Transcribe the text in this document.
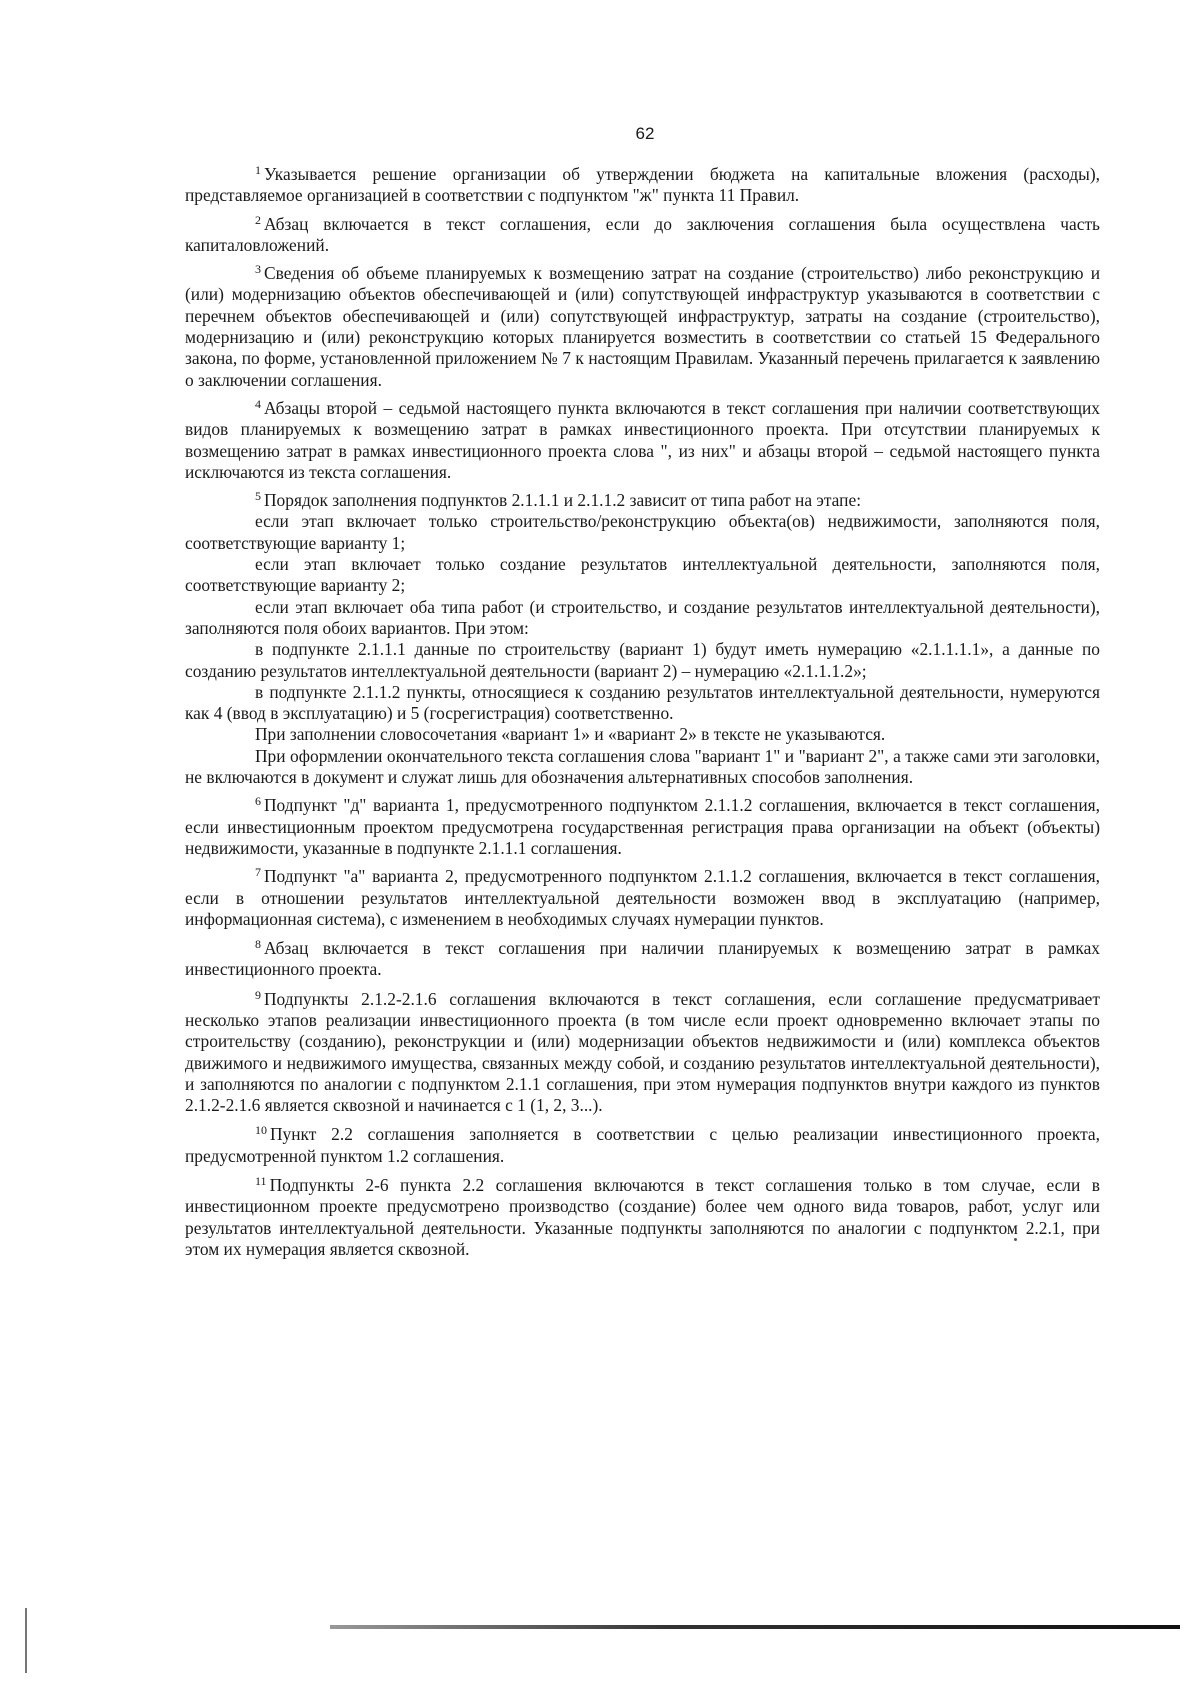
62

$^1$ Указывается решение организации об утверждении бюджета на капитальные вложения (расходы), представляемое организацией в соответствии с подпунктом "ж" пункта 11 Правил.

$^2$ Абзац включается в текст соглашения, если до заключения соглашения была осуществлена часть капиталовложений.

$^3$ Сведения об объеме планируемых к возмещению затрат на создание (строительство) либо реконструкцию и (или) модернизацию объектов обеспечивающей и (или) сопутствующей инфраструктур указываются в соответствии с перечнем объектов обеспечивающей и (или) сопутствующей инфраструктур, затраты на создание (строительство), модернизацию и (или) реконструкцию которых планируется возместить в соответствии со статьей 15 Федерального закона, по форме, установленной приложением № 7 к настоящим Правилам. Указанный перечень прилагается к заявлению о заключении соглашения.

$^4$ Абзацы второй – седьмой настоящего пункта включаются в текст соглашения при наличии соответствующих видов планируемых к возмещению затрат в рамках инвестиционного проекта. При отсутствии планируемых к возмещению затрат в рамках инвестиционного проекта слова ", из них" и абзацы второй – седьмой настоящего пункта исключаются из текста соглашения.

$^5$ Порядок заполнения подпунктов 2.1.1.1 и 2.1.1.2 зависит от типа работ на этапе:

если этап включает только строительство/реконструкцию объекта(ов) недвижимости, заполняются поля, соответствующие варианту 1;

если этап включает только создание результатов интеллектуальной деятельности, заполняются поля, соответствующие варианту 2;

если этап включает оба типа работ (и строительство, и создание результатов интеллектуальной деятельности), заполняются поля обоих вариантов. При этом:

в подпункте 2.1.1.1 данные по строительству (вариант 1) будут иметь нумерацию «2.1.1.1.1», а данные по созданию результатов интеллектуальной деятельности (вариант 2) – нумерацию «2.1.1.1.2»;

в подпункте 2.1.1.2 пункты, относящиеся к созданию результатов интеллектуальной деятельности, нумеруются как 4 (ввод в эксплуатацию) и 5 (госрегистрация) соответственно.

При заполнении словосочетания «вариант 1» и «вариант 2» в тексте не указываются.

При оформлении окончательного текста соглашения слова "вариант 1" и "вариант 2", а также сами эти заголовки, не включаются в документ и служат лишь для обозначения альтернативных способов заполнения.

$^6$ Подпункт "д" варианта 1, предусмотренного подпунктом 2.1.1.2 соглашения, включается в текст соглашения, если инвестиционным проектом предусмотрена государственная регистрация права организации на объект (объекты) недвижимости, указанные в подпункте 2.1.1.1 соглашения.

$^7$ Подпункт "а" варианта 2, предусмотренного подпунктом 2.1.1.2 соглашения, включается в текст соглашения, если в отношении результатов интеллектуальной деятельности возможен ввод в эксплуатацию (например, информационная система), с изменением в необходимых случаях нумерации пунктов.

$^8$ Абзац включается в текст соглашения при наличии планируемых к возмещению затрат в рамках инвестиционного проекта.

$^9$ Подпункты 2.1.2-2.1.6 соглашения включаются в текст соглашения, если соглашение предусматривает несколько этапов реализации инвестиционного проекта (в том числе если проект одновременно включает этапы по строительству (созданию), реконструкции и (или) модернизации объектов недвижимости и (или) комплекса объектов движимого и недвижимого имущества, связанных между собой, и созданию результатов интеллектуальной деятельности), и заполняются по аналогии с подпунктом 2.1.1 соглашения, при этом нумерация подпунктов внутри каждого из пунктов 2.1.2-2.1.6 является сквозной и начинается с 1 (1, 2, 3...).

$^{10}$ Пункт 2.2 соглашения заполняется в соответствии с целью реализации инвестиционного проекта, предусмотренной пунктом 1.2 соглашения.

$^{11}$ Подпункты 2-6 пункта 2.2 соглашения включаются в текст соглашения только в том случае, если в инвестиционном проекте предусмотрено производство (создание) более чем одного вида товаров, работ, услуг или результатов интеллектуальной деятельности. Указанные подпункты заполняются по аналогии с подпунктом 2.2.1, при этом их нумерация является сквозной.
